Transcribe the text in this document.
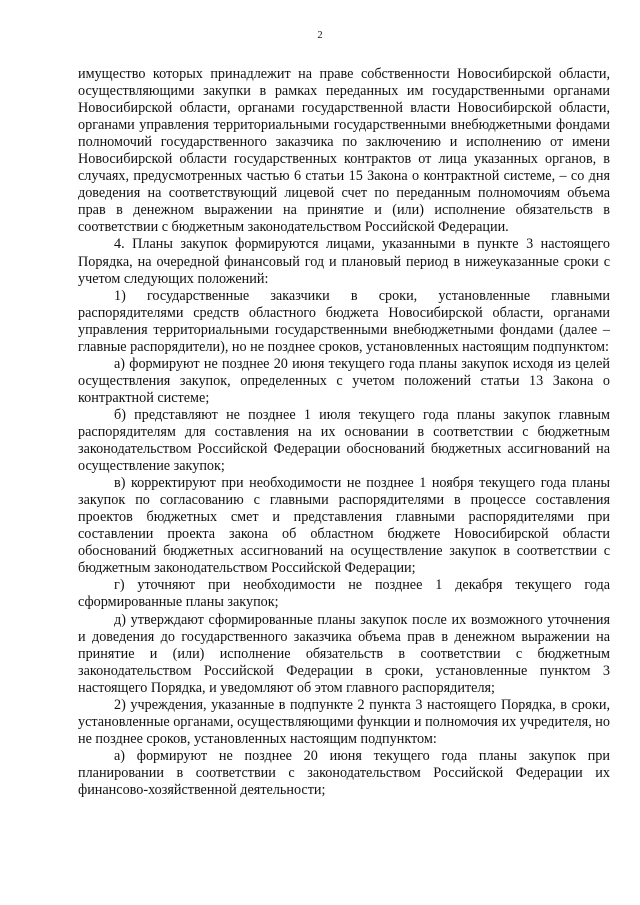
2

имущество которых принадлежит на праве собственности Новосибирской области, осуществляющими закупки в рамках переданных им государственными органами Новосибирской области, органами государственной власти Новосибирской области, органами управления территориальными государственными внебюджетными фондами полномочий государственного заказчика по заключению и исполнению от имени Новосибирской области государственных контрактов от лица указанных органов, в случаях, предусмотренных частью 6 статьи 15 Закона о контрактной системе, – со дня доведения на соответствующий лицевой счет по переданным полномочиям объема прав в денежном выражении на принятие и (или) исполнение обязательств в соответствии с бюджетным законодательством Российской Федерации.

4. Планы закупок формируются лицами, указанными в пункте 3 настоящего Порядка, на очередной финансовый год и плановый период в нижеуказанные сроки с учетом следующих положений:

1) государственные заказчики в сроки, установленные главными распорядителями средств областного бюджета Новосибирской области, органами управления территориальными государственными внебюджетными фондами (далее – главные распорядители), но не позднее сроков, установленных настоящим подпунктом:

а) формируют не позднее 20 июня текущего года планы закупок исходя из целей осуществления закупок, определенных с учетом положений статьи 13 Закона о контрактной системе;

б) представляют не позднее 1 июля текущего года планы закупок главным распорядителям для составления на их основании в соответствии с бюджетным законодательством Российской Федерации обоснований бюджетных ассигнований на осуществление закупок;

в) корректируют при необходимости не позднее 1 ноября текущего года планы закупок по согласованию с главными распорядителями в процессе составления проектов бюджетных смет и представления главными распорядителями при составлении проекта закона об областном бюджете Новосибирской области обоснований бюджетных ассигнований на осуществление закупок в соответствии с бюджетным законодательством Российской Федерации;

г) уточняют при необходимости не позднее 1 декабря текущего года сформированные планы закупок;

д) утверждают сформированные планы закупок после их возможного уточнения и доведения до государственного заказчика объема прав в денежном выражении на принятие и (или) исполнение обязательств в соответствии с бюджетным законодательством Российской Федерации в сроки, установленные пунктом 3 настоящего Порядка, и уведомляют об этом главного распорядителя;

2) учреждения, указанные в подпункте 2 пункта 3 настоящего Порядка, в сроки, установленные органами, осуществляющими функции и полномочия их учредителя, но не позднее сроков, установленных настоящим подпунктом:

а) формируют не позднее 20 июня текущего года планы закупок при планировании в соответствии с законодательством Российской Федерации их финансово-хозяйственной деятельности;
